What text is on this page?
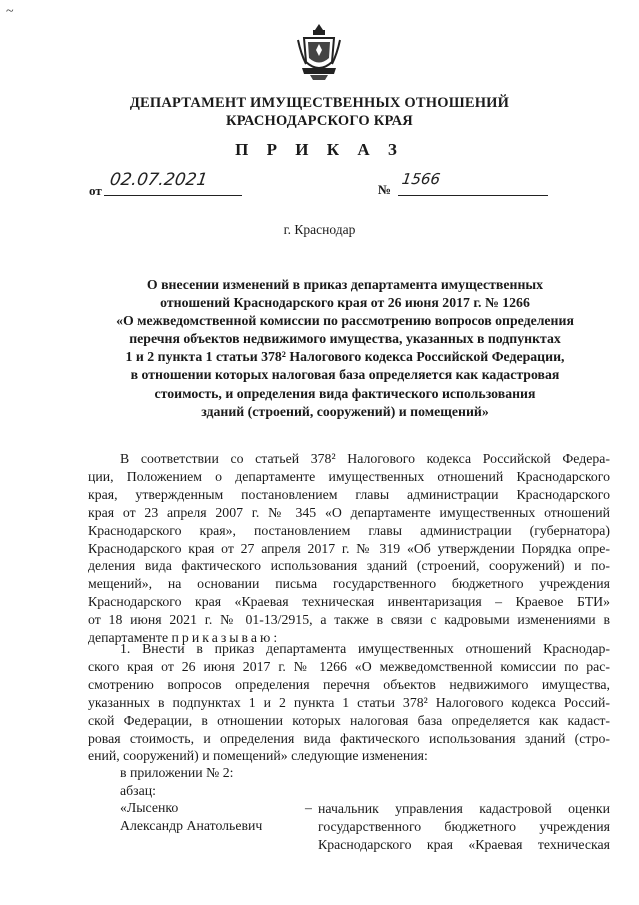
~
ДЕПАРТАМЕНТ ИМУЩЕСТВЕННЫХ ОТНОШЕНИЙ
КРАСНОДАРСКОГО КРАЯ
П Р И К А З
от
02.07.2021	№
1566
г. Краснодар
О внесении изменений в приказ департамента имущественных
отношений Краснодарского края от 26 июня 2017 г. № 1266
«О межведомственной комиссии по рассмотрению вопросов определения
перечня объектов недвижимого имущества, указанных в подпунктах
1 и 2 пункта 1 статьи 378² Налогового кодекса Российской Федерации,
в отношении которых налоговая база определяется как кадастровая
стоимость, и определения вида фактического использования
зданий (строений, сооружений) и помещений»
В соответствии со статьей 378² Налогового кодекса Российской Федера-
ции, Положением о департаменте имущественных отношений Краснодарского
края, утвержденным постановлением главы администрации Краснодарского
края от 23 апреля 2007 г. № 345 «О департаменте имущественных отношений
Краснодарского края», постановлением главы администрации (губернатора)
Краснодарского края от 27 апреля 2017 г. № 319 «Об утверждении Порядка опре-
деления вида фактического использования зданий (строений, сооружений) и по-
мещений», на основании письма государственного бюджетного учреждения
Краснодарского края «Краевая техническая инвентаризация – Краевое БТИ»
от 18 июня 2021 г. № 01-13/2915, а также в связи с кадровыми изменениями в
департаменте приказываю:
1. Внести в приказ департамента имущественных отношений Краснодар-
ского края от 26 июня 2017 г. № 1266 «О межведомственной комиссии по рас-
смотрению вопросов определения перечня объектов недвижимого имущества,
указанных в подпунктах 1 и 2 пункта 1 статьи 378² Налогового кодекса Россий-
ской Федерации, в отношении которых налоговая база определяется как кадаст-
ровая стоимость, и определения вида фактического использования зданий (стро-
ений, сооружений) и помещений» следующие изменения:
в приложении № 2:
абзац:
«Лысенко
Александр Анатольевич
– начальник управления кадастровой оценки
государственного бюджетного учреждения
Краснодарского края «Краевая техническая
